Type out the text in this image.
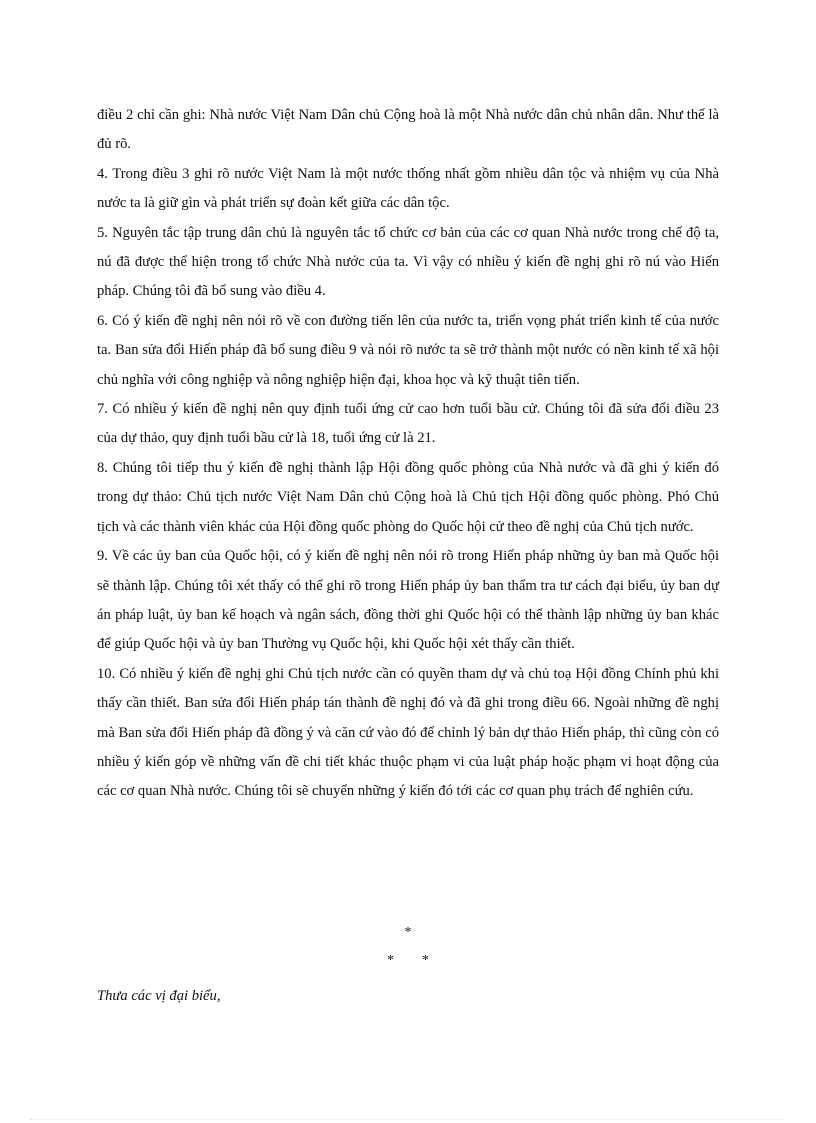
điều 2 chỉ cần ghi: Nhà nước Việt Nam Dân chủ Cộng hoà là một Nhà nước dân chủ nhân dân. Như thế là đủ rõ.

4. Trong điều 3 ghi rõ nước Việt Nam là một nước thống nhất gồm nhiều dân tộc và nhiệm vụ của Nhà nước ta là giữ gìn và phát triển sự đoàn kết giữa các dân tộc.

5. Nguyên tắc tập trung dân chủ là nguyên tắc tổ chức cơ bản của các cơ quan Nhà nước trong chế độ ta, nú đã được thể hiện trong tổ chức Nhà nước của ta. Vì vậy có nhiều ý kiến đề nghị ghi rõ nú vào Hiến pháp. Chúng tôi đã bổ sung vào điều 4.

6. Có ý kiến đề nghị nên nói rõ về con đường tiến lên của nước ta, triển vọng phát triển kinh tế của nước ta. Ban sửa đổi Hiến pháp đã bổ sung điều 9 và nói rõ nước ta sẽ trở thành một nước có nền kinh tế xã hội chủ nghĩa với công nghiệp và nông nghiệp hiện đại, khoa học và kỹ thuật tiên tiến.

7. Có nhiều ý kiến đề nghị nên quy định tuổi ứng cử cao hơn tuổi bầu cử. Chúng tôi đã sửa đổi điều 23 của dự thảo, quy định tuổi bầu cử là 18, tuổi ứng cử là 21.

8. Chúng tôi tiếp thu ý kiến đề nghị thành lập Hội đồng quốc phòng của Nhà nước và đã ghi ý kiến đó trong dự thảo: Chủ tịch nước Việt Nam Dân chủ Cộng hoà là Chủ tịch Hội đồng quốc phòng. Phó Chủ tịch và các thành viên khác của Hội đồng quốc phòng do Quốc hội cử theo đề nghị của Chủ tịch nước.

9. Về các ủy ban của Quốc hội, có ý kiến đề nghị nên nói rõ trong Hiến pháp những ủy ban mà Quốc hội sẽ thành lập. Chúng tôi xét thấy có thể ghi rõ trong Hiến pháp ủy ban thẩm tra tư cách đại biểu, ủy ban dự án pháp luật, ủy ban kế hoạch và ngân sách, đồng thời ghi Quốc hội có thể thành lập những ủy ban khác để giúp Quốc hội và ủy ban Thường vụ Quốc hội, khi Quốc hội xét thấy cần thiết.

10. Có nhiều ý kiến đề nghị ghi Chủ tịch nước cần có quyền tham dự và chủ toạ Hội đồng Chính phủ khi thấy cần thiết. Ban sửa đổi Hiến pháp tán thành đề nghị đó và đã ghi trong điều 66. Ngoài những đề nghị mà Ban sửa đổi Hiến pháp đã đồng ý và căn cứ vào đó để chỉnh lý bản dự thảo Hiến pháp, thì cũng còn có nhiều ý kiến góp về những vấn đề chi tiết khác thuộc phạm vi của luật pháp hoặc phạm vi hoạt động của các cơ quan Nhà nước. Chúng tôi sẽ chuyển những ý kiến đó tới các cơ quan phụ trách để nghiên cứu.

*
* *
Thưa các vị đại biểu,
